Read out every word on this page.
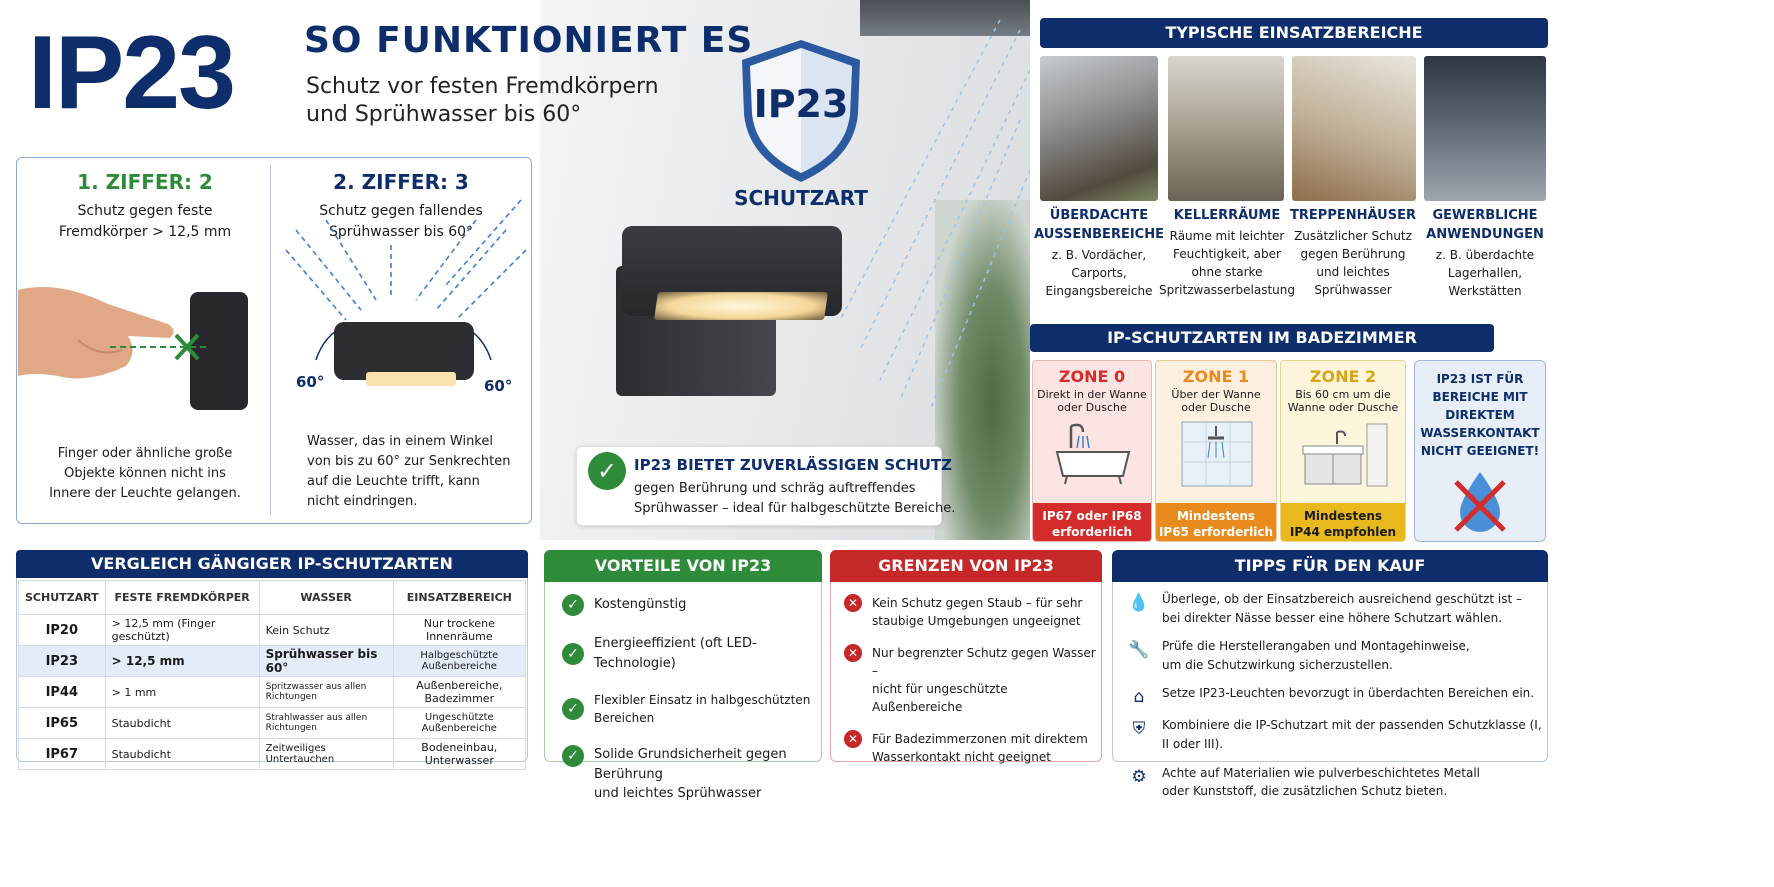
IP23 SO FUNKTIONIERT ES
Schutz vor festen Fremdkörpern
und Sprühwasser bis 60°	IP23
SCHUTZART
✓	IP23 BIETET ZUVERLÄSSIGEN SCHUTZ
gegen Berührung und schräg auftreffendes
Sprühwasser – ideal für halbgeschützte Bereiche.
1. ZIFFER: 2
Schutz gegen feste
Fremdkörper > 12,5 mm
Finger oder ähnliche große
Objekte können nicht ins
Innere der Leuchte gelangen.
2. ZIFFER: 3
Schutz gegen fallendes
Sprühwasser bis 60°
60°	60°
Wasser, das in einem Winkel
von bis zu 60° zur Senkrechten
auf die Leuchte trifft, kann
nicht eindringen.
TYPISCHE EINSATZBEREICHE
ÜBERDACHTE
AUSSENBEREICHE
z. B. Vordächer,
Carports,
Eingangsbereiche
KELLERRÄUME
Räume mit leichter
Feuchtigkeit, aber
ohne starke
Spritzwasserbelastung
TREPPENHÄUSER
Zusätzlicher Schutz
gegen Berührung
und leichtes
Sprühwasser
GEWERBLICHE
ANWENDUNGEN
z. B. überdachte
Lagerhallen,
Werkstätten
IP-SCHUTZARTEN IM BADEZIMMER
ZONE 0
Direkt in der Wanne
oder Dusche
IP67 oder IP68
erforderlich
ZONE 1
Über der Wanne
oder Dusche
Mindestens
IP65 erforderlich
ZONE 2
Bis 60 cm um die
Wanne oder Dusche
Mindestens
IP44 empfohlen
IP23 IST FÜR
BEREICHE MIT
DIREKTEM
WASSERKONTAKT
NICHT GEEIGNET!
VERGLEICH GÄNGIGER IP-SCHUTZARTEN
SCHUTZART	FESTE FREMDKÖRPER	WASSER	EINSATZBEREICH
IP20	> 12,5 mm (Finger geschützt)	Kein Schutz	Nur trockene Innenräume
IP23	> 12,5 mm	Sprühwasser bis 60°	Halbgeschützte Außenbereiche
IP44	> 1 mm	Spritzwasser aus allen Richtungen	Außenbereiche, Badezimmer
IP65	Staubdicht	Strahlwasser aus allen Richtungen	Ungeschützte Außenbereiche
IP67	Staubdicht	Zeitweiliges Untertauchen	Bodeneinbau, Unterwasser
VORTEILE VON IP23
✓	Kostengünstig
✓
Energieeffizient (oft LED-Technologie)
✓
Flexibler Einsatz in halbgeschützten Bereichen
✓	Solide Grundsicherheit gegen Berührung
und leichtes Sprühwasser
GRENZEN VON IP23
✕	Kein Schutz gegen Staub – für sehr
staubige Umgebungen ungeeignet
✕	Nur begrenzter Schutz gegen Wasser –
nicht für ungeschützte Außenbereiche
✕	Für Badezimmerzonen mit direktem
Wasserkontakt nicht geeignet
TIPPS FÜR DEN KAUF
💧 Überlege, ob der Einsatzbereich ausreichend geschützt ist –
bei direkter Nässe besser eine höhere Schutzart wählen.
🔧 Prüfe die Herstellerangaben und Montagehinweise,
um die Schutzwirkung sicherzustellen.
⌂	Setze IP23-Leuchten bevorzugt in überdachten Bereichen ein.
⛨	Kombiniere die IP-Schutzart mit der passenden Schutzklasse (I, II oder III).
⚙ Achte auf Materialien wie pulverbeschichtetes Metall
oder Kunststoff, die zusätzlichen Schutz bieten.
